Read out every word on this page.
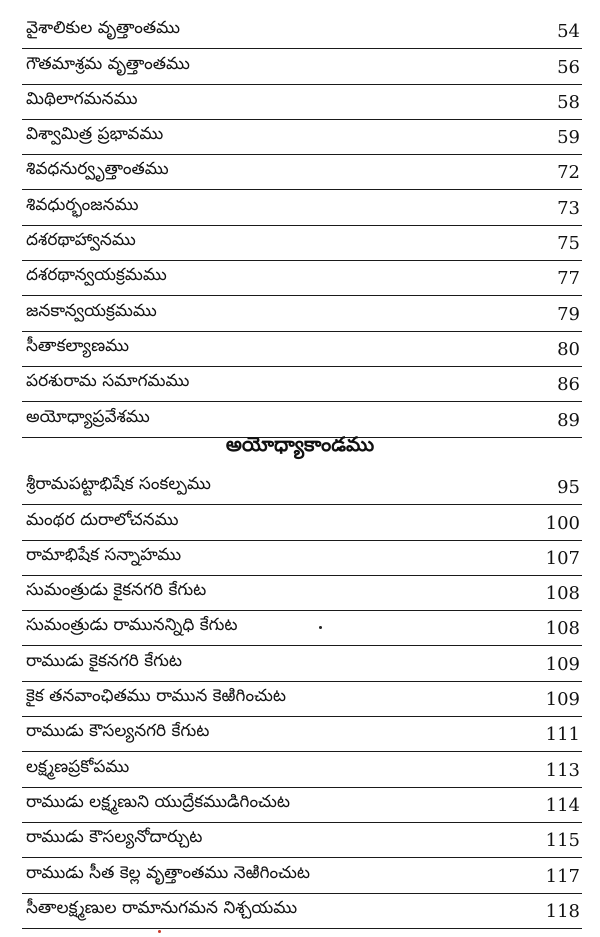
వైశాలికుల వృత్తాంతము	54
గౌతమాశ్రమ వృత్తాంతము	56
మిథిలాగమనము	58
విశ్వామిత్ర ప్రభావము	59
శివధనుర్వృత్తాంతము	72
శివధుర్భంజనము	73
దశరథాహ్వానము	75
దశరథాన్వయక్రమము	77
జనకాన్వయక్రమము	79
సీతాకల్యాణము	80
పరశురామ సమాగమము	86
అయోధ్యాప్రవేశము	89
అయోధ్యాకాండము
శ్రీరామపట్టాభిషేక సంకల్పము	95
మంథర దురాలోచనము	100
రామాభిషేక సన్నాహము	107
సుమంత్రుడు కైకనగరి కేగుట	108
సుమంత్రుడు రామునన్నిధి కేగుట	108
రాముడు కైకనగరి కేగుట	109
కైక తనవాంఛితము రామున కెఱిగించుట	109
రాముడు కౌసల్యనగరి కేగుట	111
లక్ష్మణప్రకోపము	113
రాముడు లక్ష్మణుని యుద్రేకముడిగించుట	114
రాముడు కౌసల్యనోదార్చుట	115
రాముడు సీత కెల్ల వృత్తాంతము నెఱిగించుట	117
సీతాలక్ష్మణుల రామానుగమన నిశ్చయము	118
